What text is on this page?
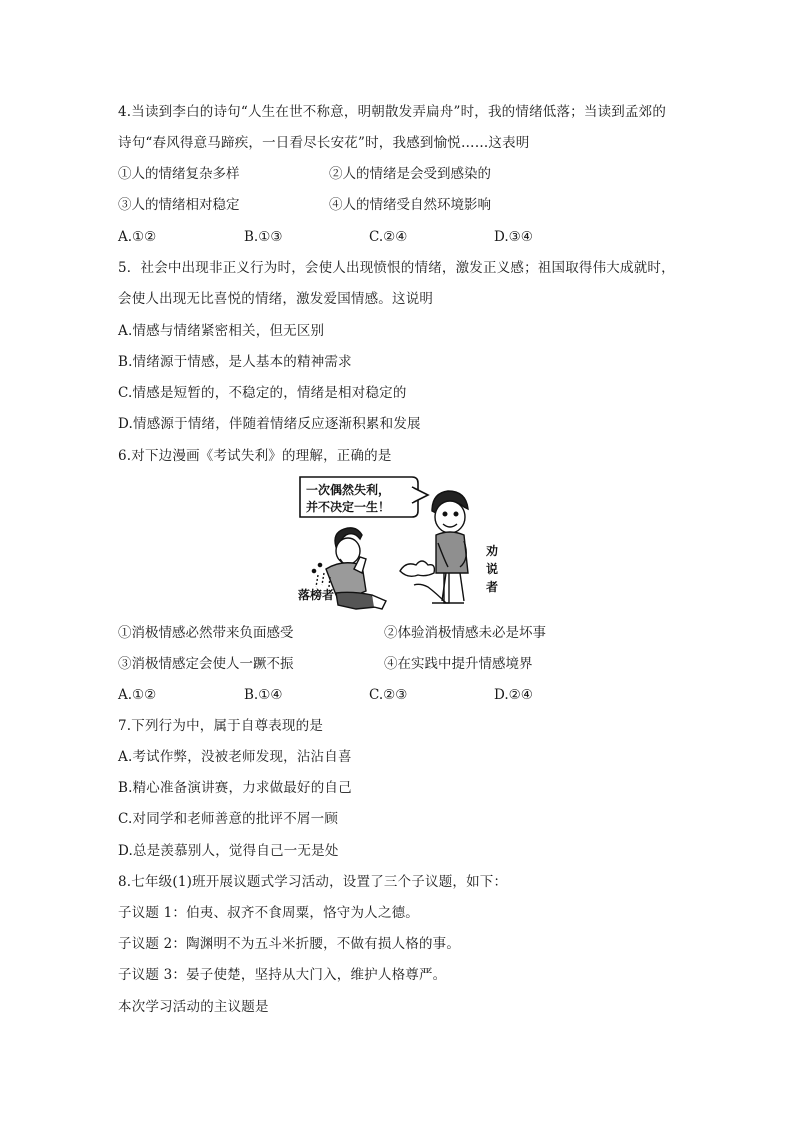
4.当读到李白的诗句“人生在世不称意，明朝散发弄扁舟”时，我的情绪低落；当读到孟郊的
诗句“春风得意马蹄疾，一日看尽长安花”时，我感到愉悦……这表明
①人的情绪复杂多样	②人的情绪是会受到感染的
③人的情绪相对稳定	④人的情绪受自然环境影响
A.①②	B.①③	C.②④	D.③④
5．社会中出现非正义行为时，会使人出现愤恨的情绪，激发正义感；祖国取得伟大成就时，
会使人出现无比喜悦的情绪，激发爱国情感。这说明
A.情感与情绪紧密相关，但无区别
B.情绪源于情感，是人基本的精神需求
C.情感是短暂的，不稳定的，情绪是相对稳定的
D.情感源于情绪，伴随着情绪反应逐渐积累和发展
6.对下边漫画《考试失利》的理解，正确的是
一次偶然失利，
并不决定一生！
落榜者
劝
说
者
①消极情感必然带来负面感受	②体验消极情感未必是坏事
③消极情感定会使人一蹶不振	④在实践中提升情感境界
A.①②	B.①④	C.②③	D.②④
7.下列行为中，属于自尊表现的是
A.考试作弊，没被老师发现，沾沾自喜
B.精心准备演讲赛，力求做最好的自己
C.对同学和老师善意的批评不屑一顾
D.总是羡慕别人，觉得自己一无是处
8.七年级(1)班开展议题式学习活动，设置了三个子议题，如下：
子议题 1：伯夷、叔齐不食周粟，恪守为人之德。
子议题 2：陶渊明不为五斗米折腰，不做有损人格的事。
子议题 3：晏子使楚，坚持从大门入，维护人格尊严。
本次学习活动的主议题是
